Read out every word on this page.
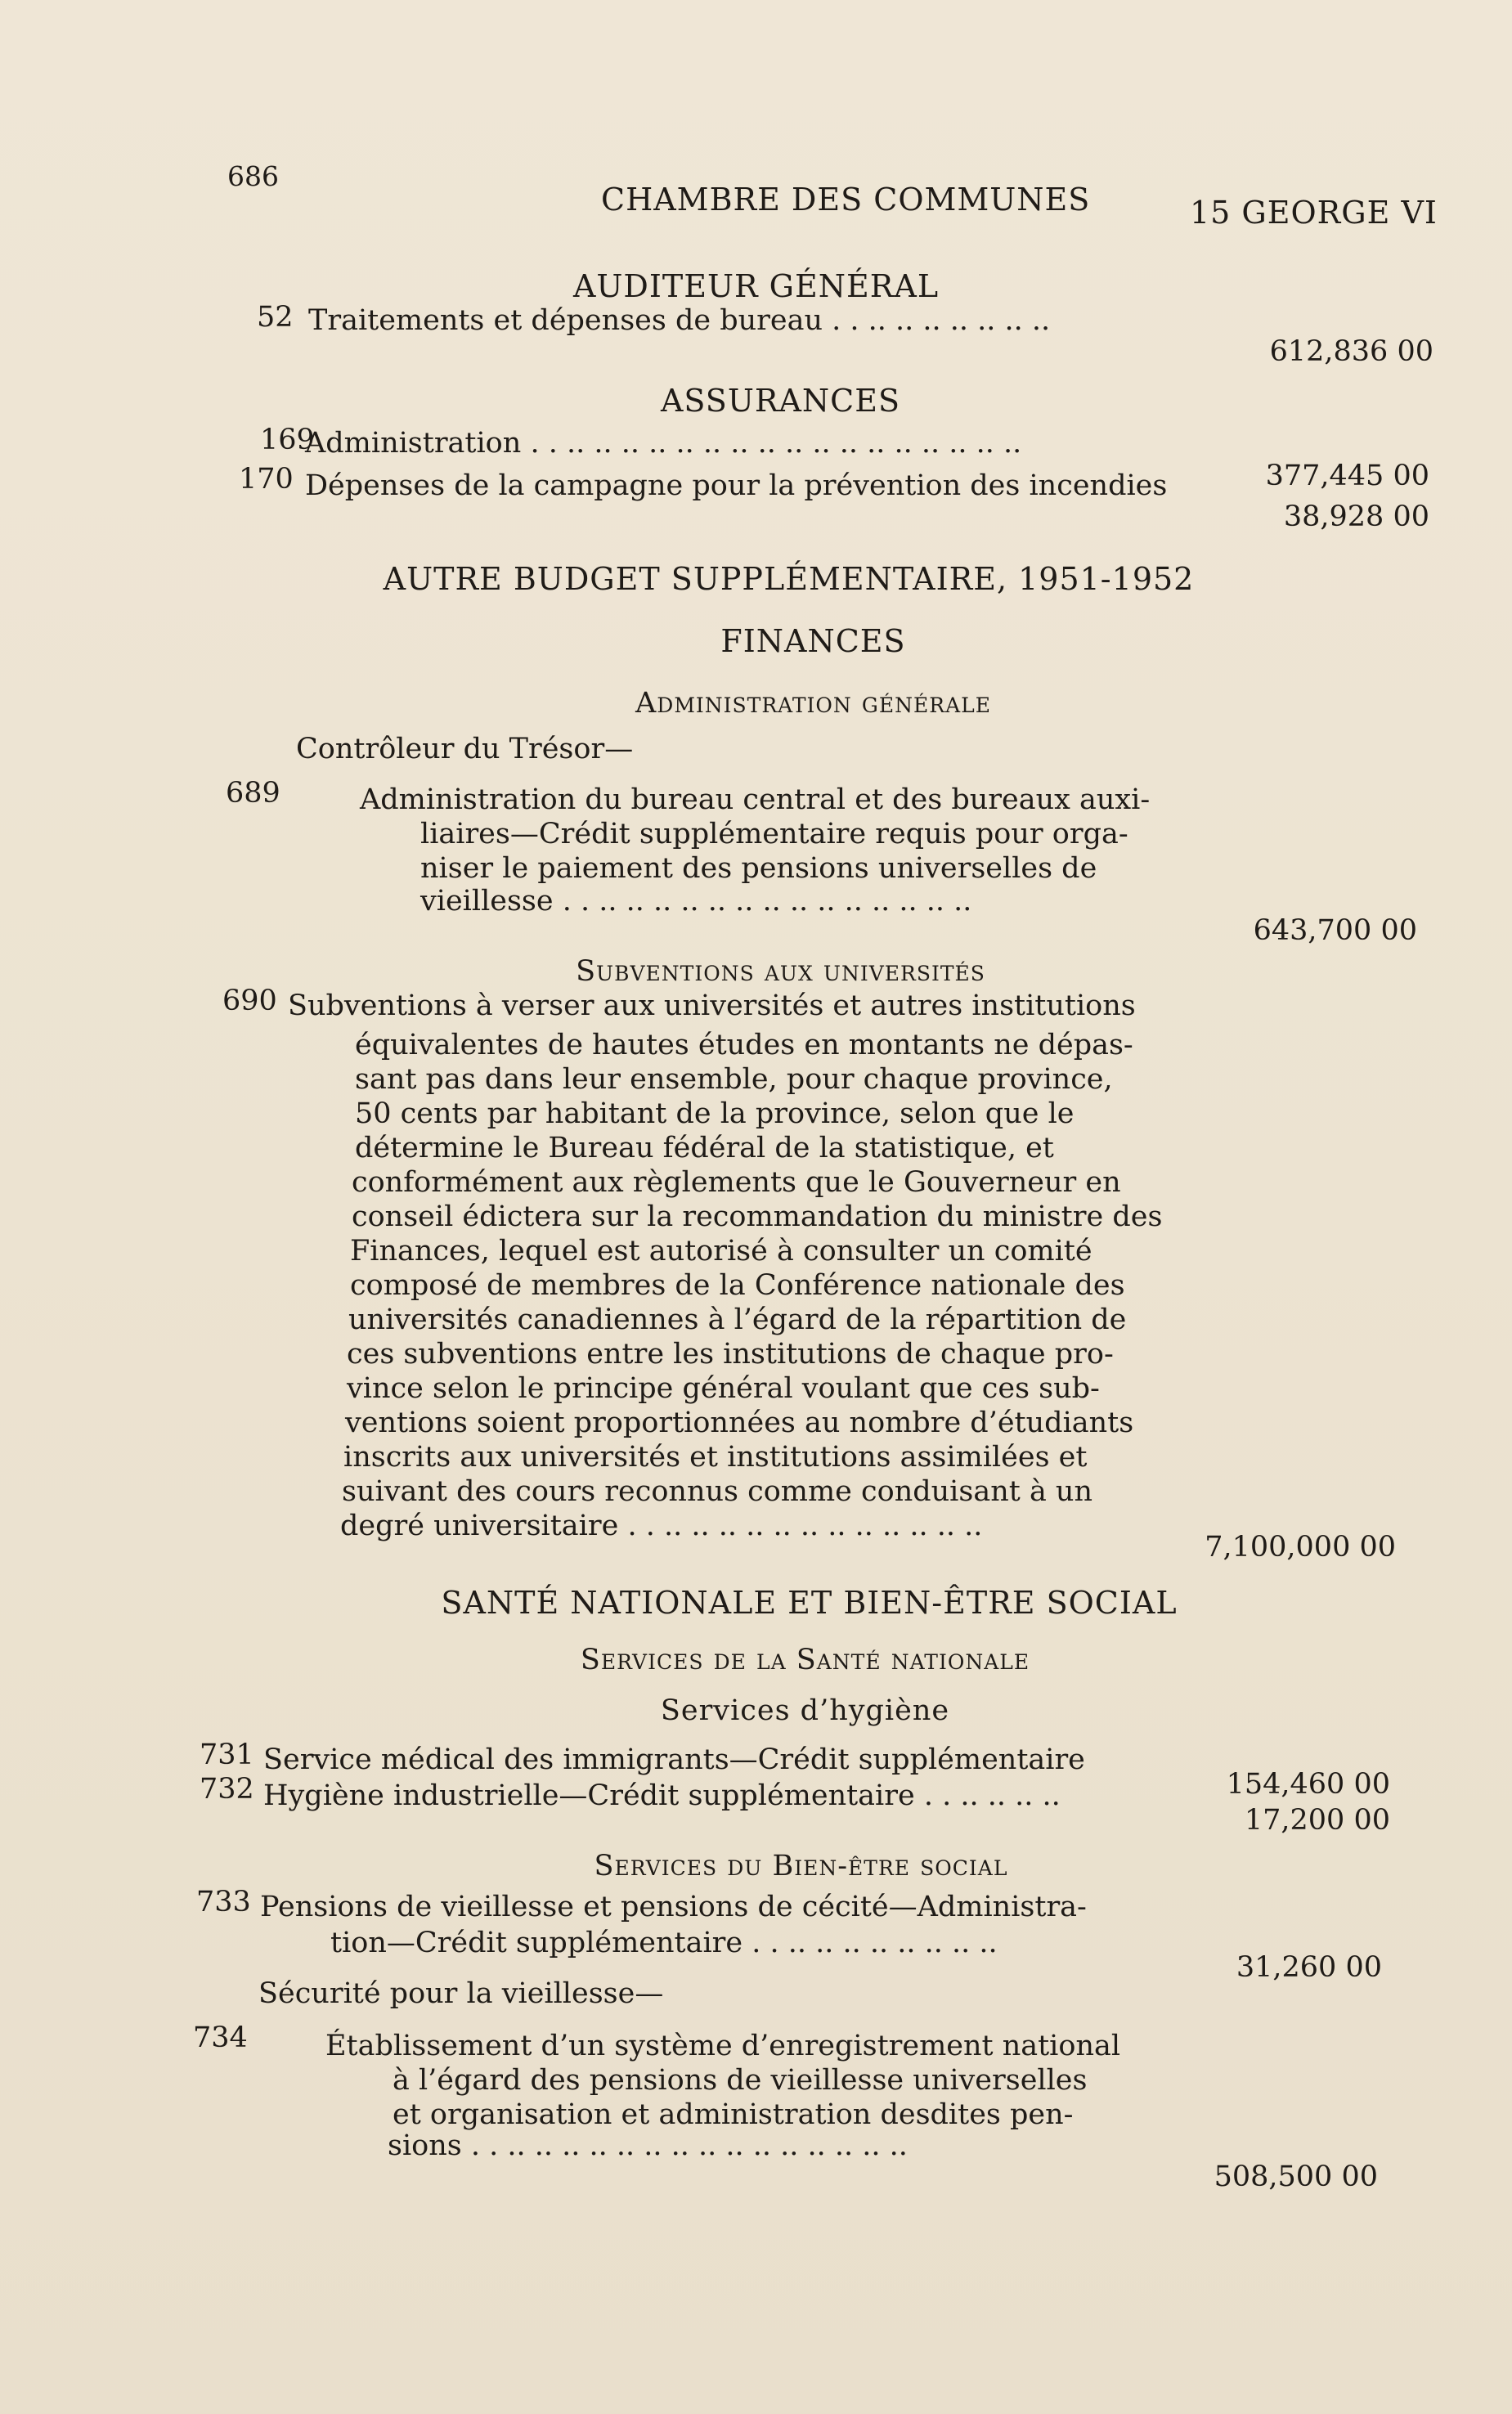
686
CHAMBRE DES COMMUNES	15 GEORGE VI
AUDITEUR GÉNÉRAL
52 Traitements et dépenses de bureau . . .. .. .. .. .. .. ..
612,836 00
ASSURANCES
169
Administration . . .. .. .. .. .. .. .. .. .. .. .. .. .. .. .. .. ..
377,445 00
170 Dépenses de la campagne pour la prévention des incendies
38,928 00
AUTRE BUDGET SUPPLÉMENTAIRE, 1951-1952
FINANCES
Administration générale
Contrôleur du Trésor—
689	Administration du bureau central et des bureaux auxi-
liaires—Crédit supplémentaire requis pour orga-
niser le paiement des pensions universelles de
vieillesse . . .. .. .. .. .. .. .. .. .. .. .. .. .. ..
643,700 00
Subventions aux universités
690 Subventions à verser aux universités et autres institutions
équivalentes de hautes études en montants ne dépas-
sant pas dans leur ensemble, pour chaque province,
50 cents par habitant de la province, selon que le
détermine le Bureau fédéral de la statistique, et
conformément aux règlements que le Gouverneur en
conseil édictera sur la recommandation du ministre des
Finances, lequel est autorisé à consulter un comité
composé de membres de la Conférence nationale des
universités canadiennes à l’égard de la répartition de
ces subventions entre les institutions de chaque pro-
vince selon le principe général voulant que ces sub-
ventions soient proportionnées au nombre d’étudiants
inscrits aux universités et institutions assimilées et
suivant des cours reconnus comme conduisant à un
degré universitaire . . .. .. .. .. .. .. .. .. .. .. .. ..
7,100,000 00
SANTÉ NATIONALE ET BIEN-ÊTRE SOCIAL
Services de la Santé nationale
Services d’hygiène
731 Service médical des immigrants—Crédit supplémentaire
154,460 00
732 Hygiène industrielle—Crédit supplémentaire . . .. .. .. ..
17,200 00
Services du Bien-être social
733 Pensions de vieillesse et pensions de cécité—Administra-
tion—Crédit supplémentaire . . .. .. .. .. .. .. .. ..
31,260 00
Sécurité pour la vieillesse—
734	Établissement d’un système d’enregistrement national
à l’égard des pensions de vieillesse universelles
et organisation et administration desdites pen-
sions . . .. .. .. .. .. .. .. .. .. .. .. .. .. .. ..
508,500 00
